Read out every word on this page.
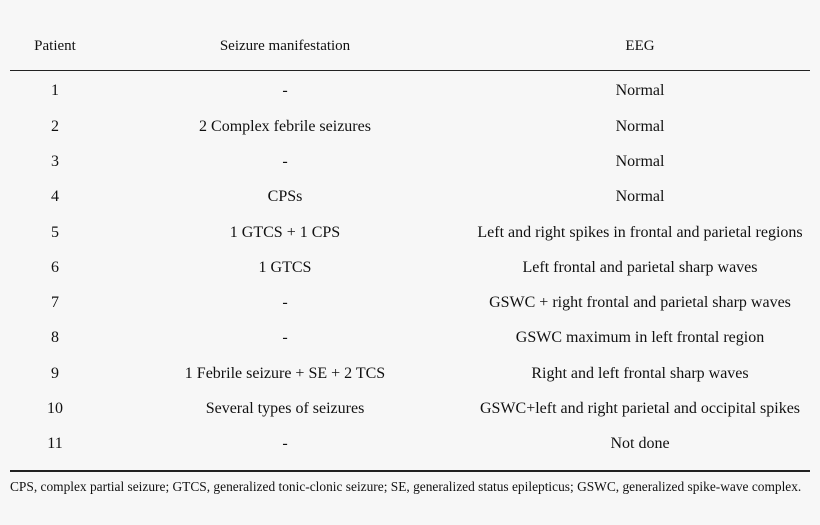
Patient	Seizure manifestation	EEG
1	-	Normal
2	2 Complex febrile seizures	Normal
3	-	Normal
4	CPSs	Normal
5	1 GTCS + 1 CPS	Left and right spikes in frontal and parietal regions
6	1 GTCS	Left frontal and parietal sharp waves
7	-	GSWC + right frontal and parietal sharp waves
8	-	GSWC maximum in left frontal region
9	1 Febrile seizure + SE + 2 TCS	Right and left frontal sharp waves
10	Several types of seizures	GSWC+left and right parietal and occipital spikes
11	-	Not done
CPS, complex partial seizure; GTCS, generalized tonic-clonic seizure; SE, generalized status epilepticus; GSWC, generalized spike-wave complex.
